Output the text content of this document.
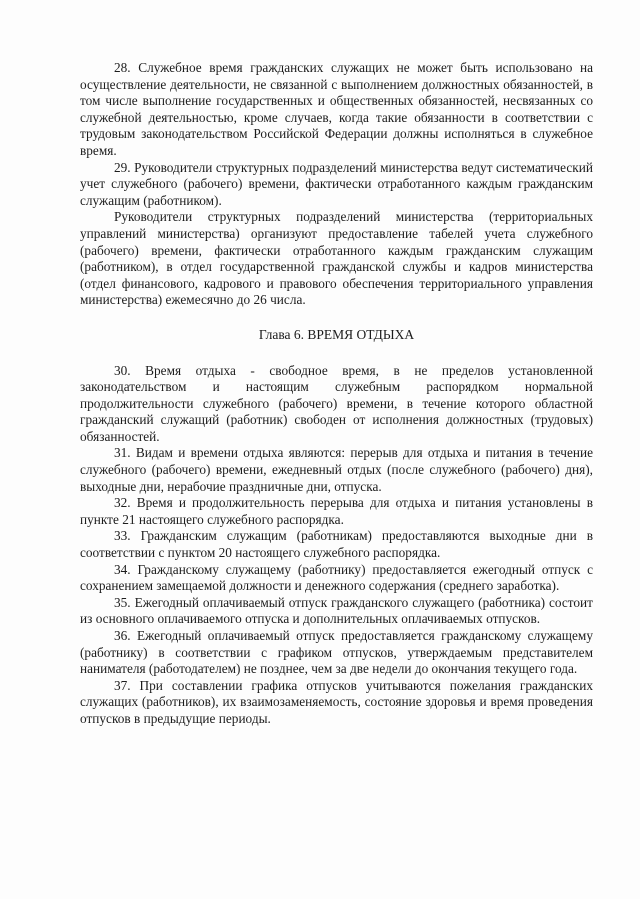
28. Служебное время гражданских служащих не может быть использовано на осуществление деятельности, не связанной с выполнением должностных обязанностей, в том числе выполнение государственных и общественных обязанностей, несвязанных со служебной деятельностью, кроме случаев, когда такие обязанности в соответствии с трудовым законодательством Российской Федерации должны исполняться в служебное время.

29. Руководители структурных подразделений министерства ведут систематический учет служебного (рабочего) времени, фактически отработанного каждым гражданским служащим (работником).

Руководители структурных подразделений министерства (территориальных управлений министерства) организуют предоставление табелей учета служебного (рабочего) времени, фактически отработанного каждым гражданским служащим (работником), в отдел государственной гражданской службы и кадров министерства (отдел финансового, кадрового и правового обеспечения территориального управления министерства) ежемесячно до 26 числа.

Глава 6. ВРЕМЯ ОТДЫХА

30. Время отдыха - свободное время, в не пределов установленной законодательством и настоящим служебным распорядком нормальной продолжительности служебного (рабочего) времени, в течение которого областной гражданский служащий (работник) свободен от исполнения должностных (трудовых) обязанностей.

31. Видам и времени отдыха являются: перерыв для отдыха и питания в течение служебного (рабочего) времени, ежедневный отдых (после служебного (рабочего) дня), выходные дни, нерабочие праздничные дни, отпуска.

32. Время и продолжительность перерыва для отдыха и питания установлены в пункте 21 настоящего служебного распорядка.

33. Гражданским служащим (работникам) предоставляются выходные дни в соответствии с пунктом 20 настоящего служебного распорядка.

34. Гражданскому служащему (работнику) предоставляется ежегодный отпуск с сохранением замещаемой должности и денежного содержания (среднего заработка).

35. Ежегодный оплачиваемый отпуск гражданского служащего (работника) состоит из основного оплачиваемого отпуска и дополнительных оплачиваемых отпусков.

36. Ежегодный оплачиваемый отпуск предоставляется гражданскому служащему (работнику) в соответствии с графиком отпусков, утверждаемым представителем нанимателя (работодателем) не позднее, чем за две недели до окончания текущего года.

37. При составлении графика отпусков учитываются пожелания гражданских служащих (работников), их взаимозаменяемость, состояние здоровья и время проведения отпусков в предыдущие периоды.
